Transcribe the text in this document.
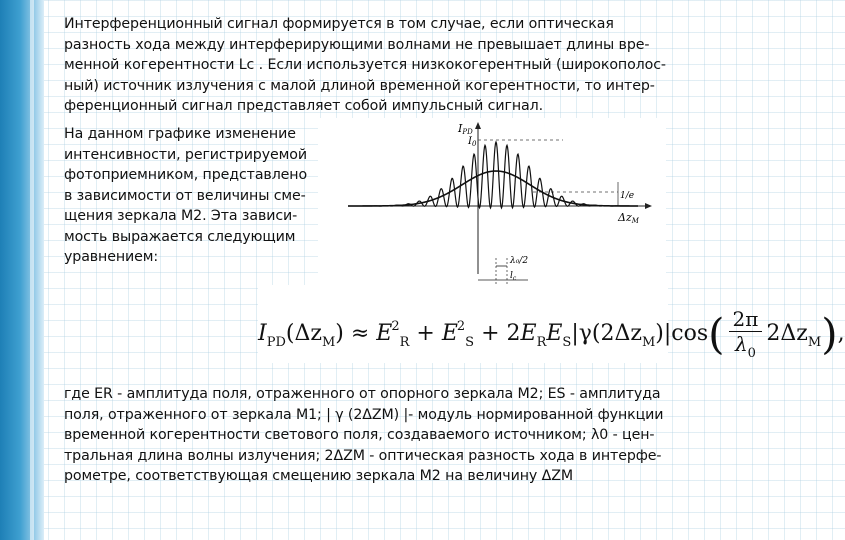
Интерференционный сигнал формируется в том случае, если оптическая
разность хода между интерферирующими волнами не превышает длины вре-
менной когерентности Lc . Если используется низкокогерентный (широкополос-
ный) источник излучения с малой длиной временной когерентности, то интер-
ференционный сигнал представляет собой импульсный сигнал.
На данном графике изменение
интенсивности, регистрируемой
фотоприемником, представлено
в зависимости от величины сме-
щения зеркала М2. Эта зависи-
мость выражается следующим
уравнением:
IPD
$I_0$
1/e
ΔzM
λ₀/2
$l_c$
$I_{PD}(\Delta z_M) \approx E^2_R + E^2_S + 2E_RE_S|\gamma(2\Delta z_M)|\cos( \frac{2\pi}{\lambda_0} 2\Delta z_M)$,
где ER - амплитуда поля, отраженного от опорного зеркала М2; ES - амплитуда
поля, отраженного от зеркала М1; | γ (2ΔZM) |- модуль нормированной функции
временной когерентности светового поля, создаваемого источником; λ0 - цен-
тральная длина волны излучения; 2ΔZM - оптическая разность хода в интерфе-
рометре, соответствующая смещению зеркала М2 на величину ΔZM
